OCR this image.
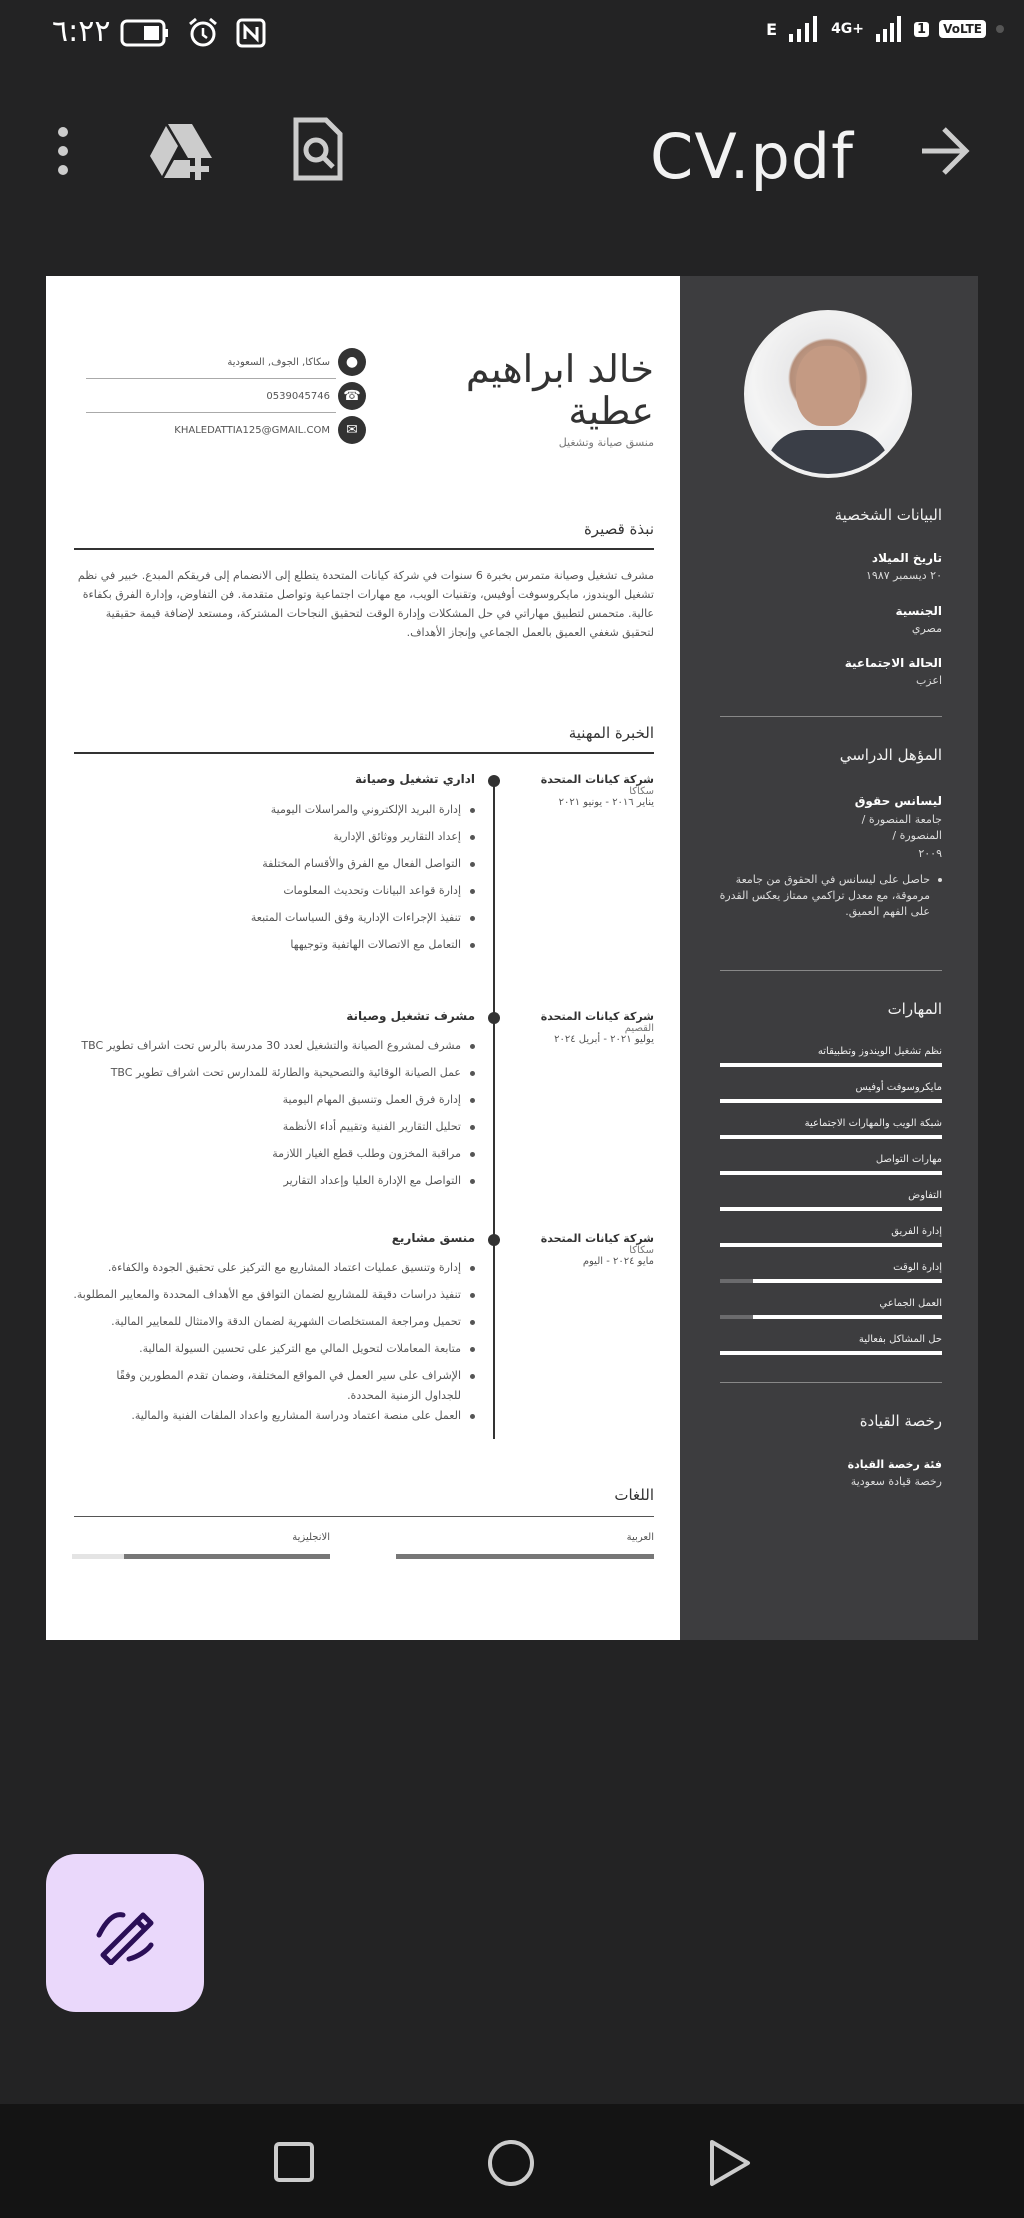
٦:٢٢	E	4G+	1	VoLTE
CV.pdf
البيانات الشخصية
تاريخ الميلاد
٢٠ ديسمبر ١٩٨٧
الجنسية
مصري
الحالة الاجتماعية
اعزب
المؤهل الدراسي
ليسانس حقوق
جامعة المنصورة / المنصورة /
٢٠٠٩
حاصل على ليسانس في الحقوق من جامعة مرموقة، مع معدل تراكمي ممتاز يعكس القدرة على الفهم العميق.
المهارات
نظم تشغيل الويندوز وتطبيقاته
مايكروسوفت أوفيس
شبكة الويب والمهارات الاجتماعية
مهارات التواصل
التفاوض
إدارة الفريق
إدارة الوقت
العمل الجماعي
حل المشاكل بفعالية
رخصة القيادة
فئة رخصة القيادة
رخصة قيادة سعودية
خالد ابراهيم
عطية
منسق صيانة وتشغيل
سكاكا, الجوف, السعودية	●
0539045746 ☎
KHALEDATTIA125@GMAIL.COM	✉
نبذة قصيرة
مشرف تشغيل وصيانة متمرس بخبرة 6 سنوات في شركة كيانات المتحدة يتطلع إلى الانضمام إلى فريقكم المبدع. خبير في نظم تشغيل الويندوز، مايكروسوفت أوفيس، وتقنيات الويب، مع مهارات اجتماعية وتواصل متقدمة. فن التفاوض، وإدارة الفرق بكفاءة عالية. متحمس لتطبيق مهاراتي في حل المشكلات وإدارة الوقت لتحقيق النجاحات المشتركة، ومستعد لإضافة قيمة حقيقية لتحقيق شغفي العميق بالعمل الجماعي وإنجاز الأهداف.
الخبرة المهنية
شركة كيانات المتحدة
سكاكا
يناير ٢٠١٦ - يونيو ٢٠٢١
اداري تشغيل وصيانة
إدارة البريد الإلكتروني والمراسلات اليومية
إعداد التقارير ووثائق الإدارية
التواصل الفعال مع الفرق والأقسام المختلفة
إدارة قواعد البيانات وتحديث المعلومات
تنفيذ الإجراءات الإدارية وفق السياسات المتبعة
التعامل مع الاتصالات الهاتفية وتوجيهها
شركة كيانات المتحدة
القصيم
يوليو ٢٠٢١ - أبريل ٢٠٢٤
مشرف تشغيل وصيانة
مشرف لمشروع الصيانة والتشغيل لعدد 30 مدرسة بالرس تحت اشراف تطوير TBC
عمل الصيانة الوقائية والتصحيحية والطارئة للمدارس تحت اشراف تطوير TBC
إدارة فرق العمل وتنسيق المهام اليومية
تحليل التقارير الفنية وتقييم أداء الأنظمة
مراقبة المخزون وطلب قطع الغيار اللازمة
التواصل مع الإدارة العليا وإعداد التقارير
شركة كيانات المتحدة
سكاكا
مايو ٢٠٢٤ - اليوم
منسق مشاريع
إدارة وتنسيق عمليات اعتماد المشاريع مع التركيز على تحقيق الجودة والكفاءة.
تنفيذ دراسات دقيقة للمشاريع لضمان التوافق مع الأهداف المحددة والمعايير المطلوبة.
تحميل ومراجعة المستخلصات الشهرية لضمان الدقة والامتثال للمعايير المالية.
متابعة المعاملات لتحويل المالي مع التركيز على تحسين السيولة المالية.
الإشراف على سير العمل في المواقع المختلفة، وضمان تقدم المطورين وفقًا للجداول الزمنية المحددة.
العمل على منصة اعتماد ودراسة المشاريع واعداد الملفات الفنية والمالية.
اللغات
العربية
الانجليزية
